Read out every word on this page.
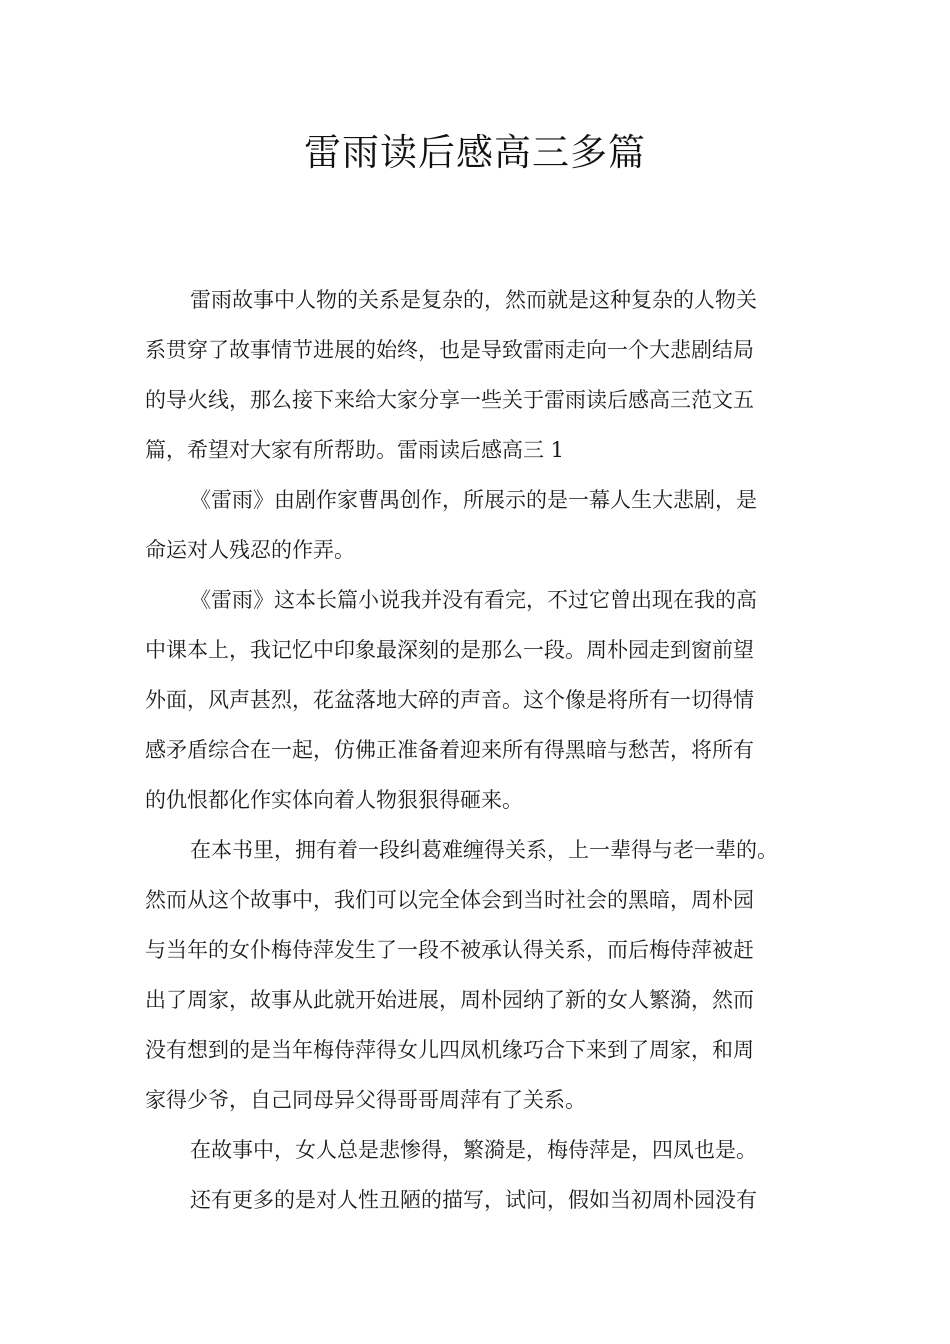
雷雨读后感高三多篇
雷雨故事中人物的关系是复杂的，然而就是这种复杂的人物关
系贯穿了故事情节进展的始终，也是导致雷雨走向一个大悲剧结局
的导火线，那么接下来给大家分享一些关于雷雨读后感高三范文五
篇，希望对大家有所帮助。雷雨读后感高三 1
《雷雨》由剧作家曹禺创作，所展示的是一幕人生大悲剧，是
命运对人残忍的作弄。
《雷雨》这本长篇小说我并没有看完，不过它曾出现在我的高
中课本上，我记忆中印象最深刻的是那么一段。周朴园走到窗前望
外面，风声甚烈，花盆落地大碎的声音。这个像是将所有一切得情
感矛盾综合在一起，仿佛正准备着迎来所有得黑暗与愁苦，将所有
的仇恨都化作实体向着人物狠狠得砸来。
在本书里，拥有着一段纠葛难缠得关系，上一辈得与老一辈的。
然而从这个故事中，我们可以完全体会到当时社会的黑暗，周朴园
与当年的女仆梅侍萍发生了一段不被承认得关系，而后梅侍萍被赶
出了周家，故事从此就开始进展，周朴园纳了新的女人繁漪，然而
没有想到的是当年梅侍萍得女儿四凤机缘巧合下来到了周家，和周
家得少爷，自己同母异父得哥哥周萍有了关系。
在故事中，女人总是悲惨得，繁漪是，梅侍萍是，四凤也是。
还有更多的是对人性丑陋的描写，试问，假如当初周朴园没有
